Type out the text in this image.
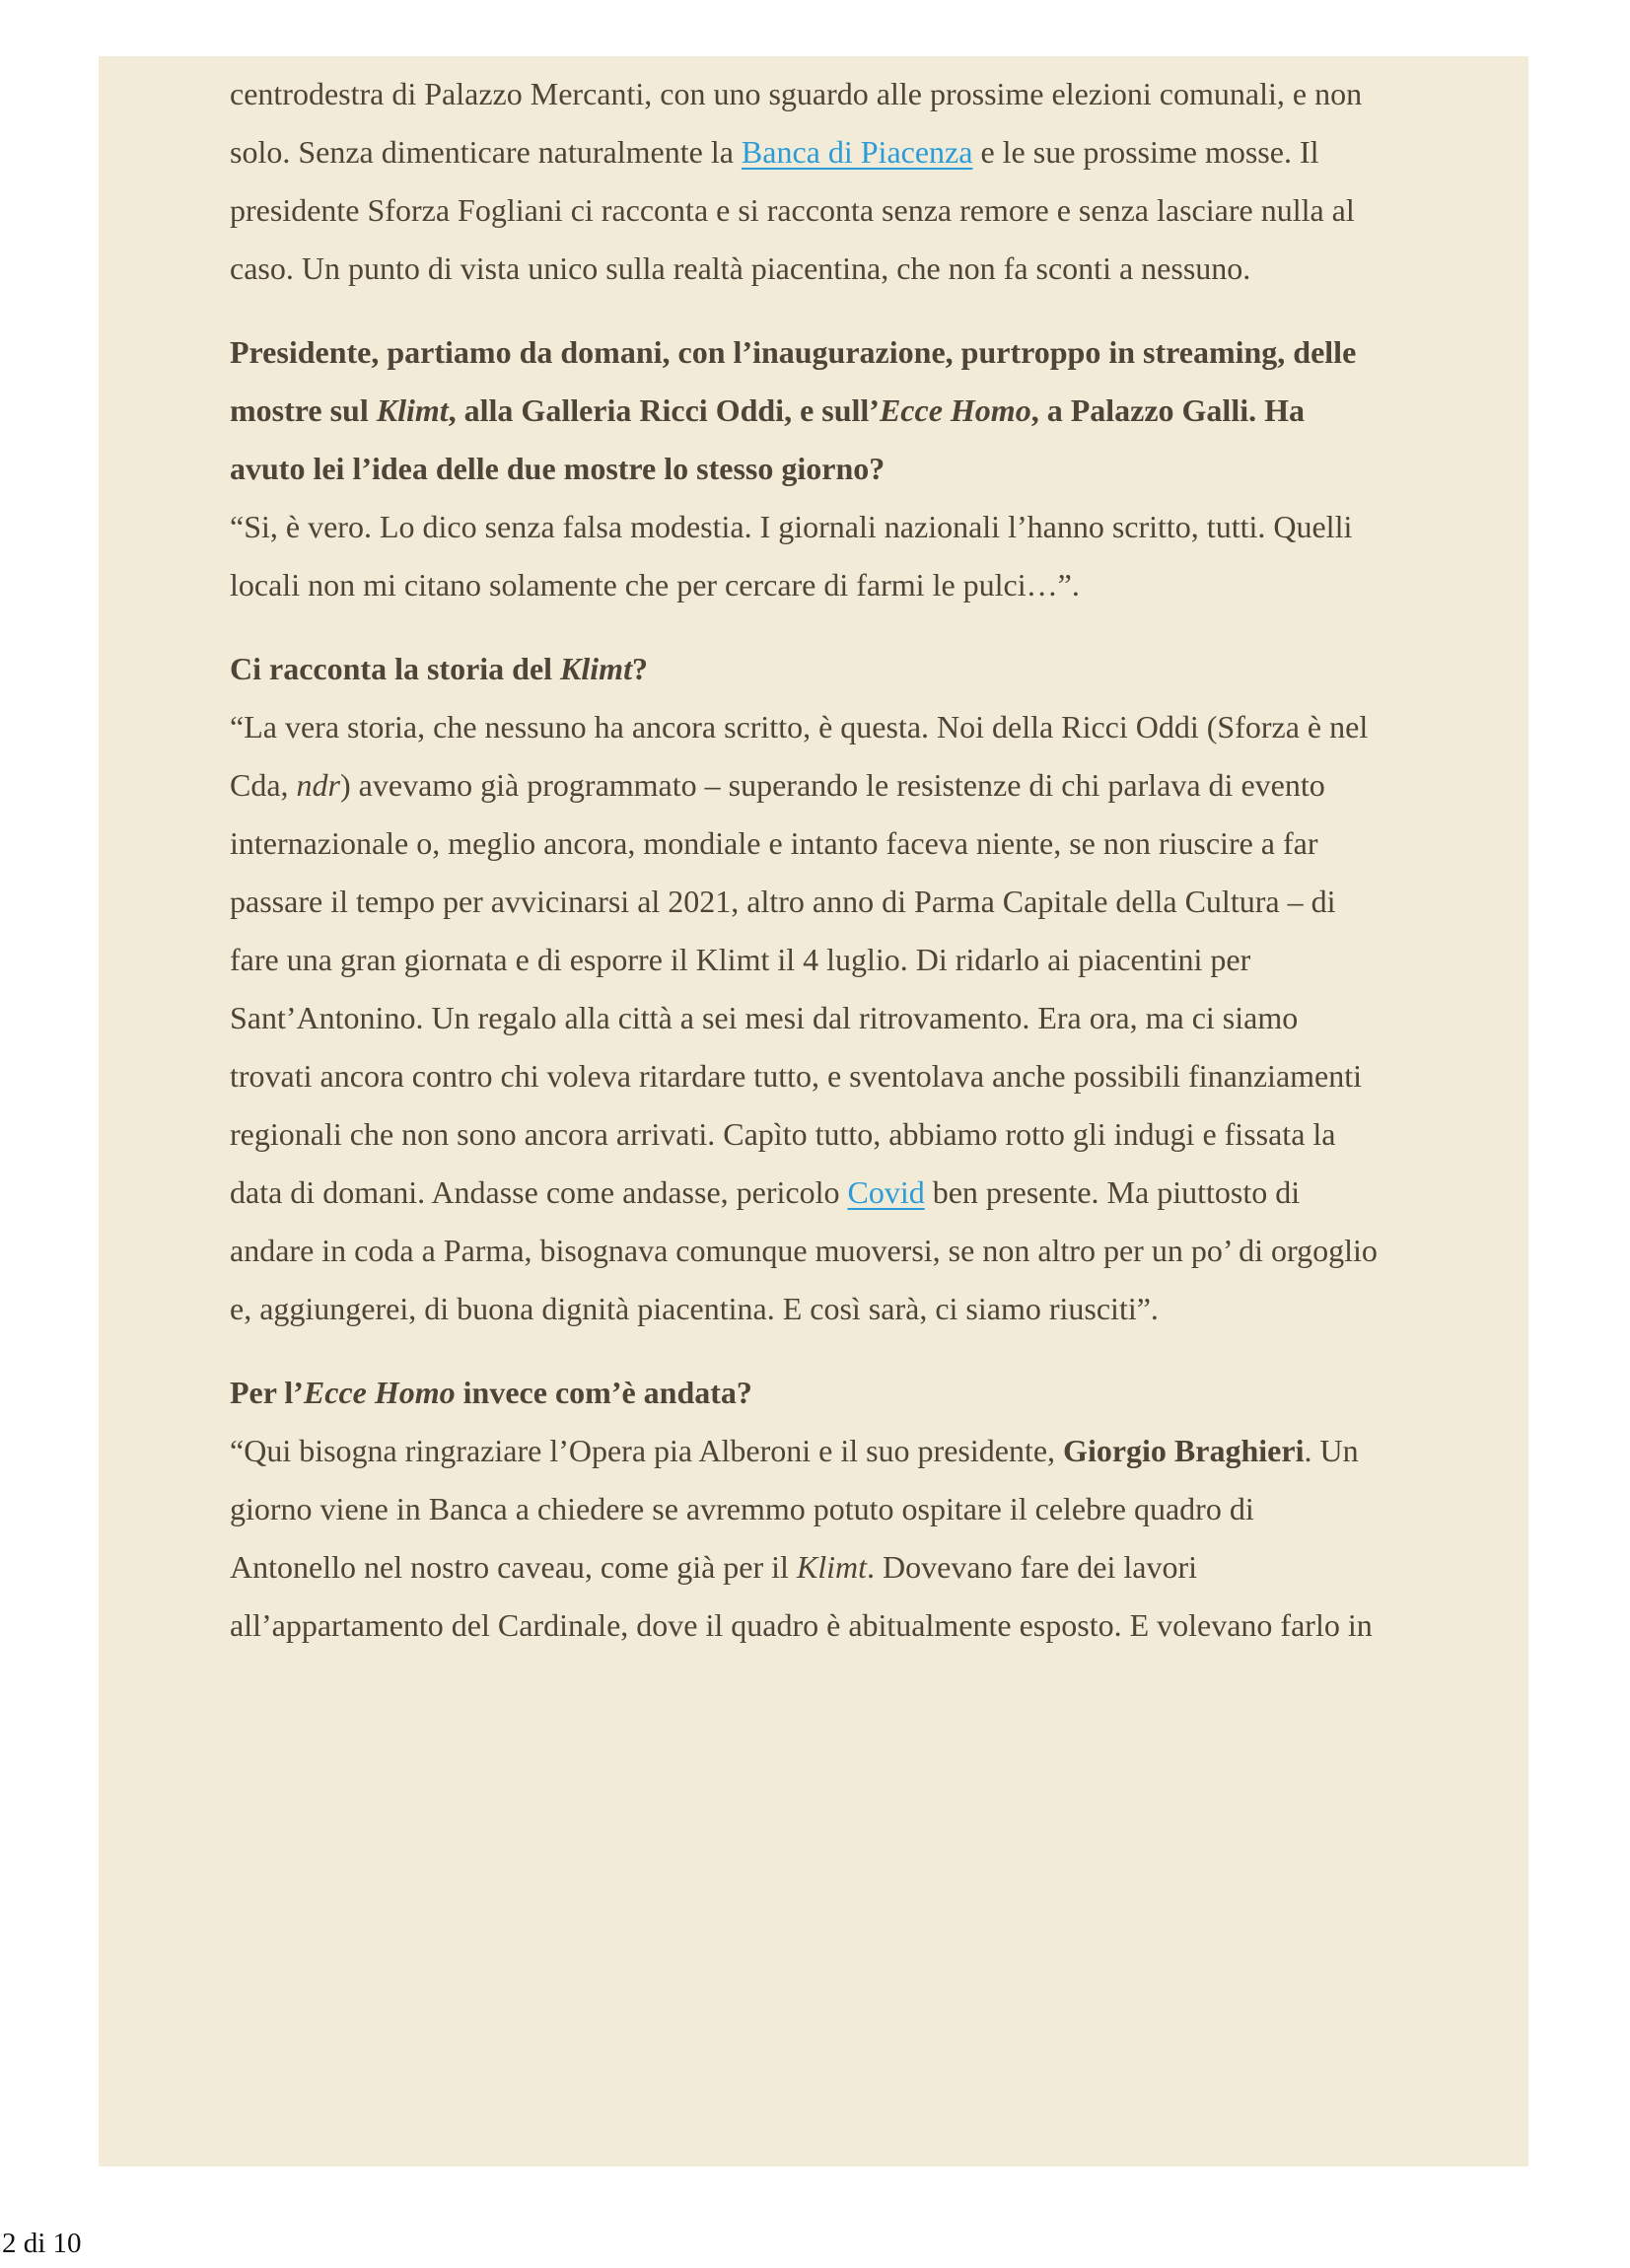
centrodestra di Palazzo Mercanti, con uno sguardo alle prossime elezioni comunali, e non solo. Senza dimenticare naturalmente la Banca di Piacenza e le sue prossime mosse. Il presidente Sforza Fogliani ci racconta e si racconta senza remore e senza lasciare nulla al caso. Un punto di vista unico sulla realtà piacentina, che non fa sconti a nessuno.

Presidente, partiamo da domani, con l’inaugurazione, purtroppo in streaming, delle mostre sul Klimt, alla Galleria Ricci Oddi, e sull’Ecce Homo, a Palazzo Galli. Ha avuto lei l’idea delle due mostre lo stesso giorno?

“Si, è vero. Lo dico senza falsa modestia. I giornali nazionali l’hanno scritto, tutti. Quelli locali non mi citano solamente che per cercare di farmi le pulci…”.

Ci racconta la storia del Klimt?

“La vera storia, che nessuno ha ancora scritto, è questa. Noi della Ricci Oddi (Sforza è nel Cda, ndr) avevamo già programmato – superando le resistenze di chi parlava di evento internazionale o, meglio ancora, mondiale e intanto faceva niente, se non riuscire a far passare il tempo per avvicinarsi al 2021, altro anno di Parma Capitale della Cultura – di fare una gran giornata e di esporre il Klimt il 4 luglio. Di ridarlo ai piacentini per Sant’Antonino. Un regalo alla città a sei mesi dal ritrovamento. Era ora, ma ci siamo trovati ancora contro chi voleva ritardare tutto, e sventolava anche possibili finanziamenti regionali che non sono ancora arrivati. Capìto tutto, abbiamo rotto gli indugi e fissata la data di domani. Andasse come andasse, pericolo Covid ben presente. Ma piuttosto di andare in coda a Parma, bisognava comunque muoversi, se non altro per un po’ di orgoglio e, aggiungerei, di buona dignità piacentina. E così sarà, ci siamo riusciti”.

Per l’Ecce Homo invece com’è andata?

“Qui bisogna ringraziare l’Opera pia Alberoni e il suo presidente, Giorgio Braghieri. Un giorno viene in Banca a chiedere se avremmo potuto ospitare il celebre quadro di Antonello nel nostro caveau, come già per il Klimt. Dovevano fare dei lavori all’appartamento del Cardinale, dove il quadro è abitualmente esposto. E volevano farlo in

2 di 10
